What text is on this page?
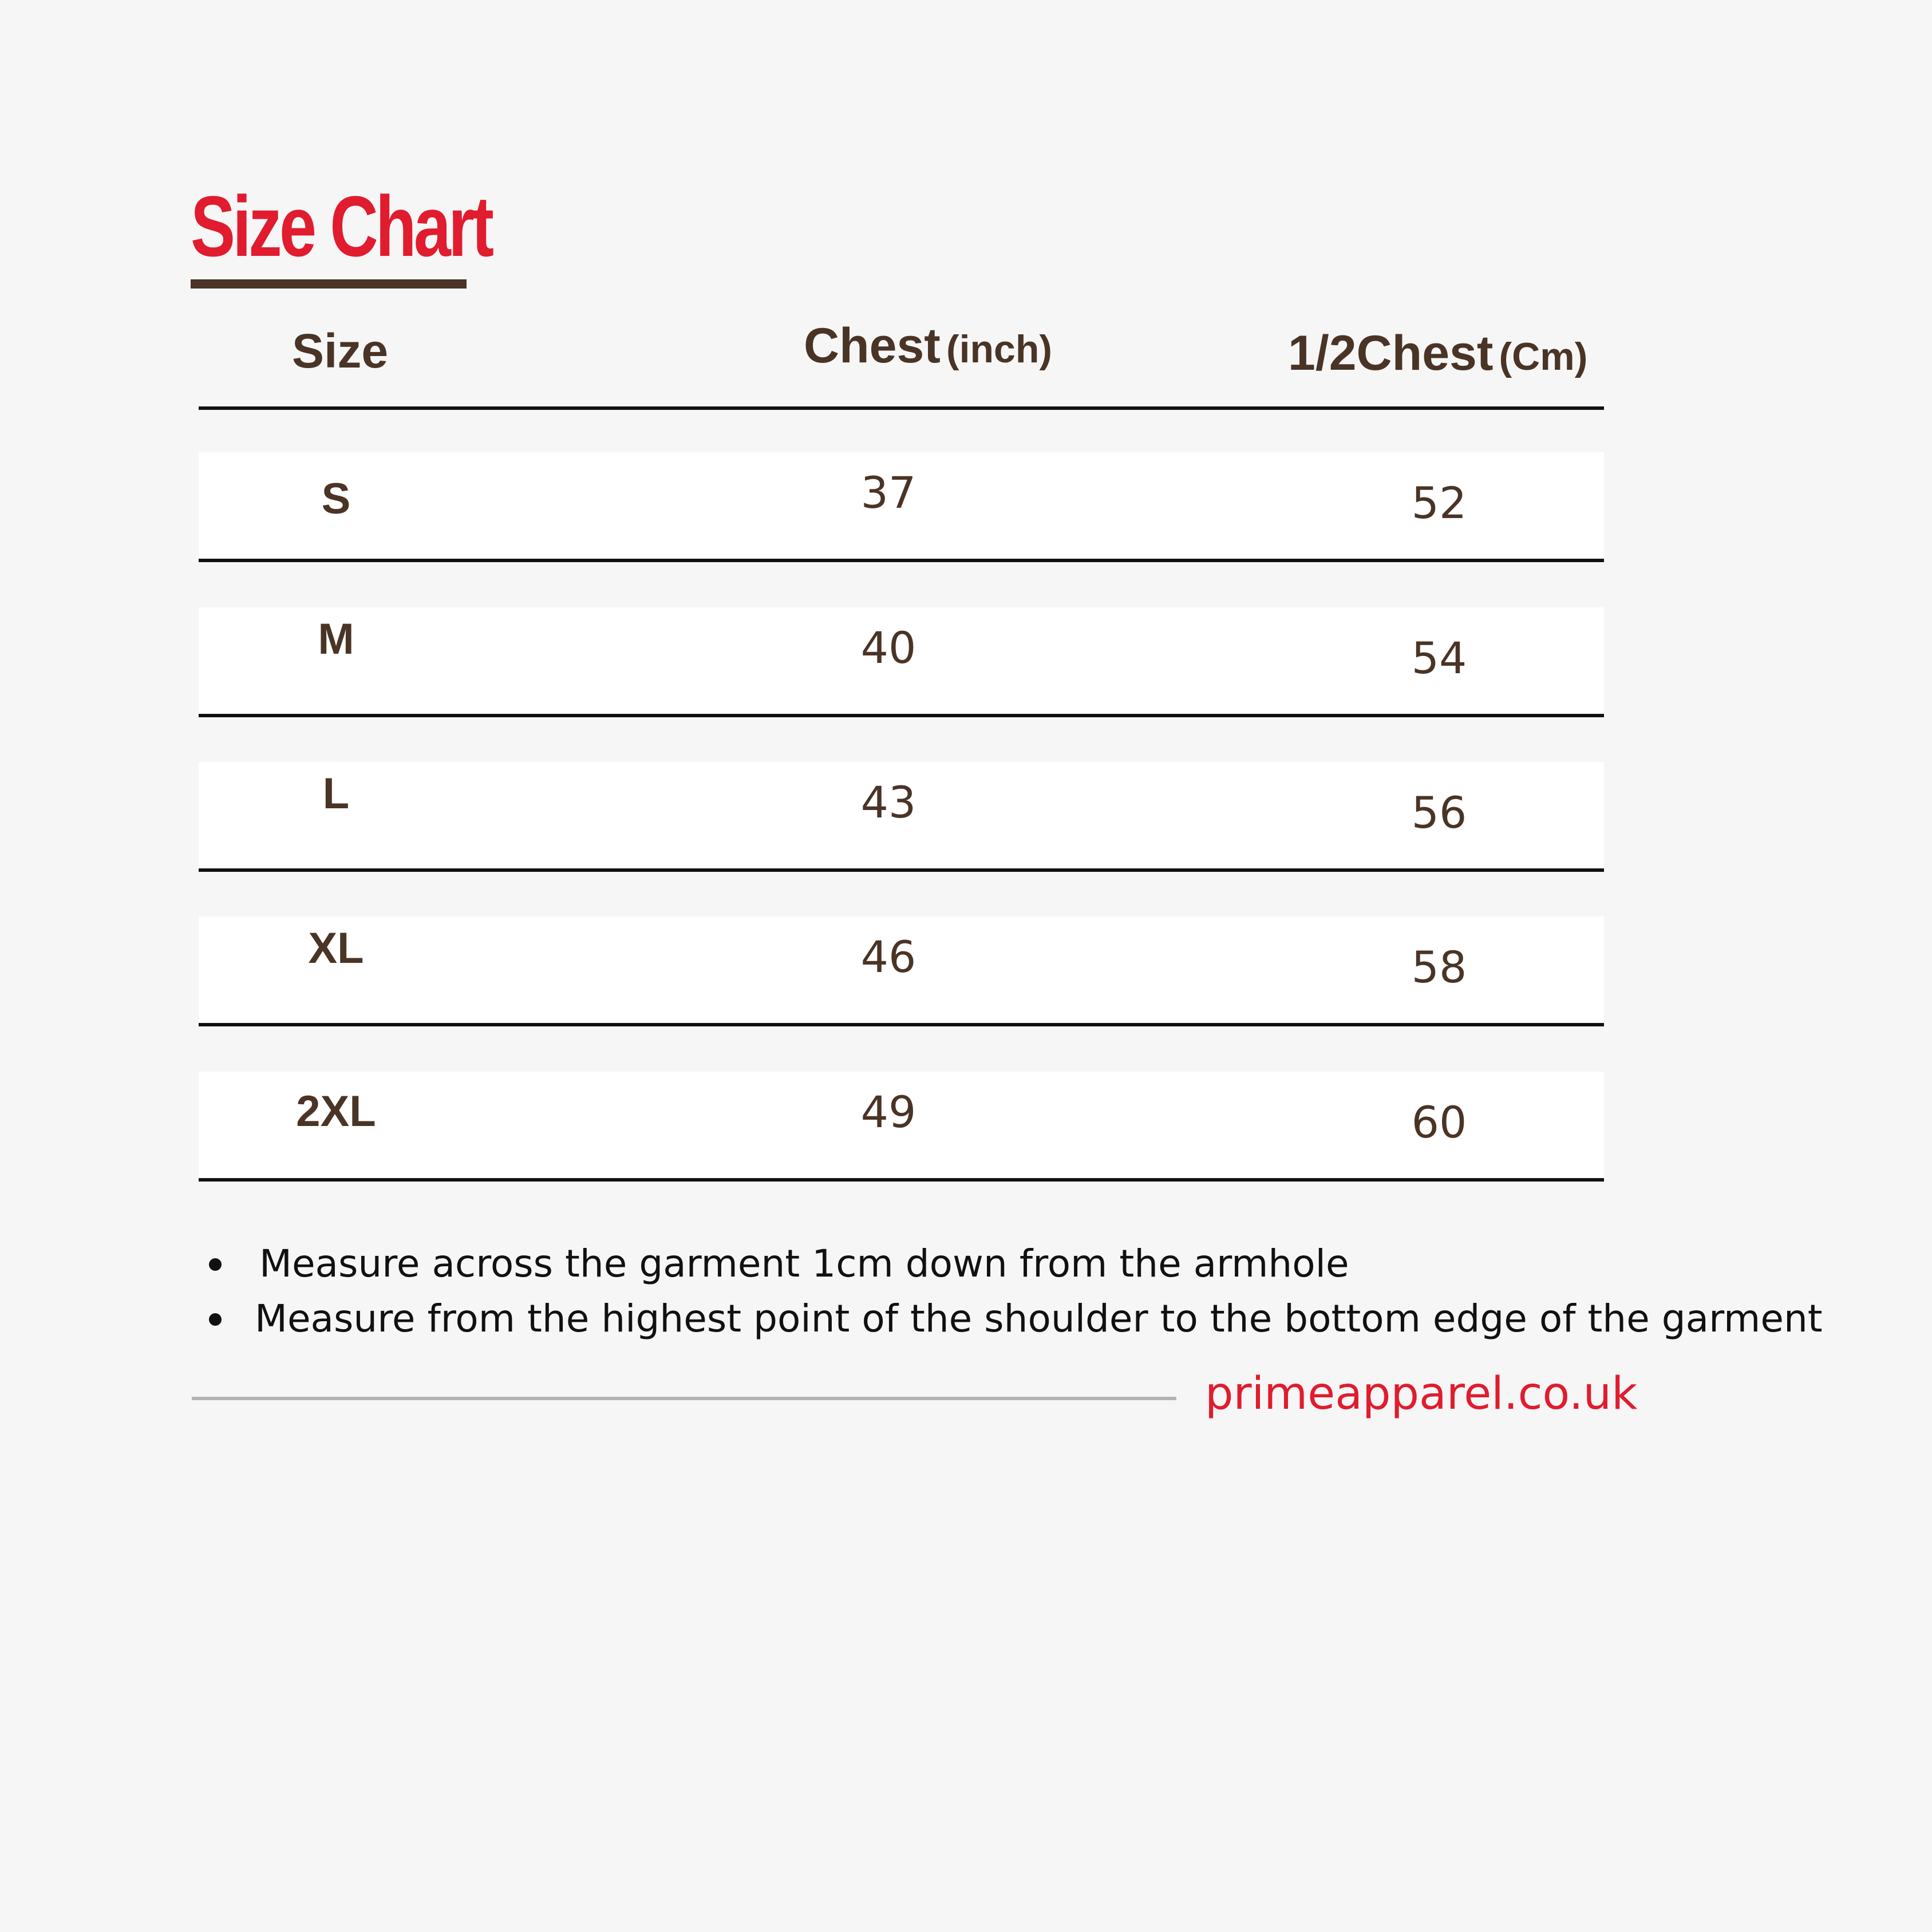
Size Chart
Size	Chest (inch)	1/2Chest (Cm)
S	37	52
M	40	54
L	43	56
XL	46	58
2XL	49	60
Measure across the garment 1cm down from the armhole
Measure from the highest point of the shoulder to the bottom edge of the garment
primeapparel.co.uk
